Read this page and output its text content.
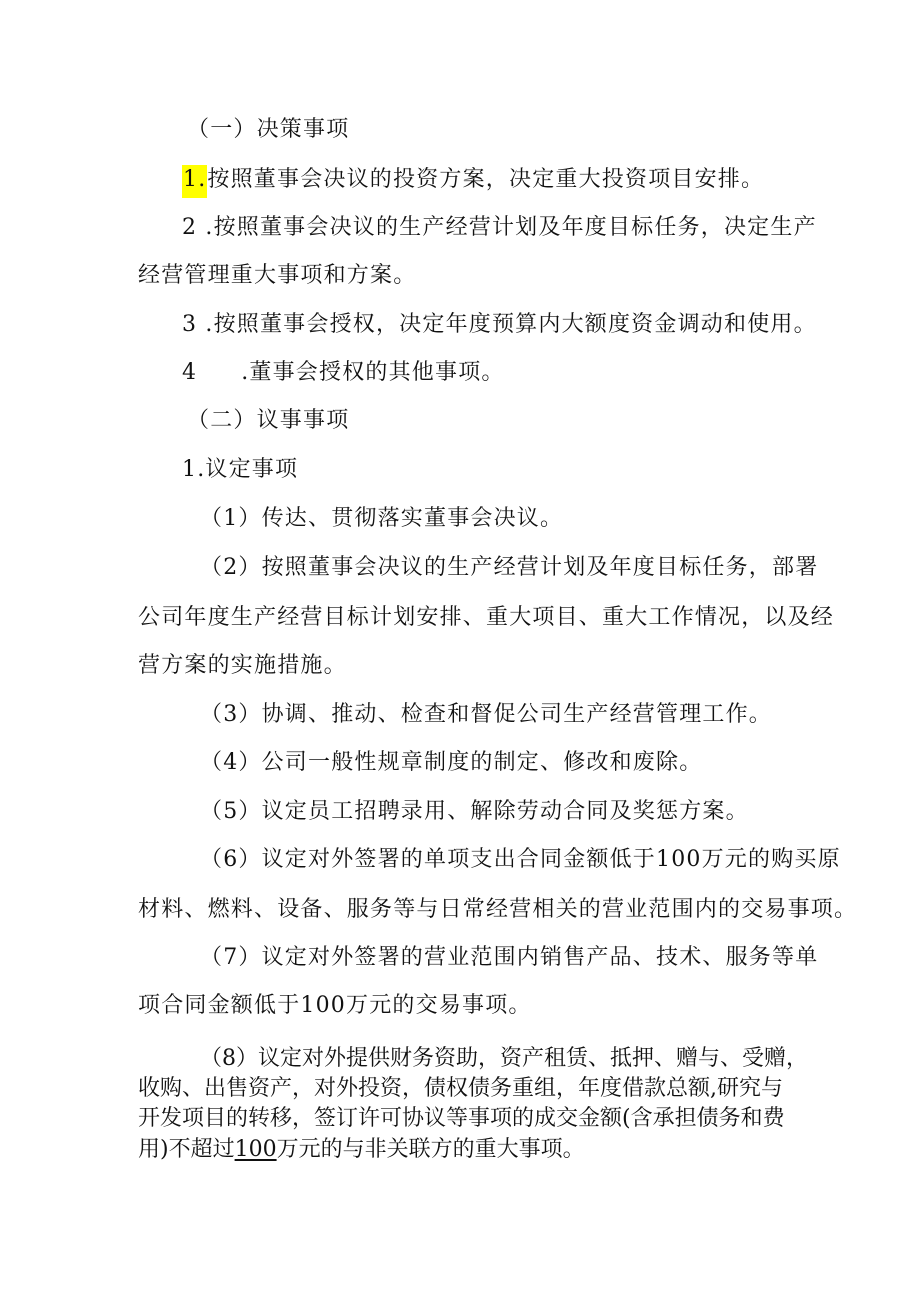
（一）决策事项
1.按照董事会决议的投资方案，决定重大投资项目安排。
2 .按照董事会决议的生产经营计划及年度目标任务，决定生产
经营管理重大事项和方案。
3 .按照董事会授权，决定年度预算内大额度资金调动和使用。
4 .董事会授权的其他事项。
（二）议事事项
1.议定事项
（1）传达、贯彻落实董事会决议。
（2）按照董事会决议的生产经营计划及年度目标任务，部署
公司年度生产经营目标计划安排、重大项目、重大工作情况，以及经
营方案的实施措施。
（3）协调、推动、检查和督促公司生产经营管理工作。
（4）公司一般性规章制度的制定、修改和废除。
（5）议定员工招聘录用、解除劳动合同及奖惩方案。
（6）议定对外签署的单项支出合同金额低于100万元的购买原
材料、燃料、设备、服务等与日常经营相关的营业范围内的交易事项。
（7）议定对外签署的营业范围内销售产品、技术、服务等单
项合同金额低于100万元的交易事项。
（8）议定对外提供财务资助，资产租赁、抵押、赠与、受赠，
收购、出售资产，对外投资，债权债务重组，年度借款总额,研究与
开发项目的转移，签订许可协议等事项的成交金额(含承担债务和费
用)不超过100万元的与非关联方的重大事项。
